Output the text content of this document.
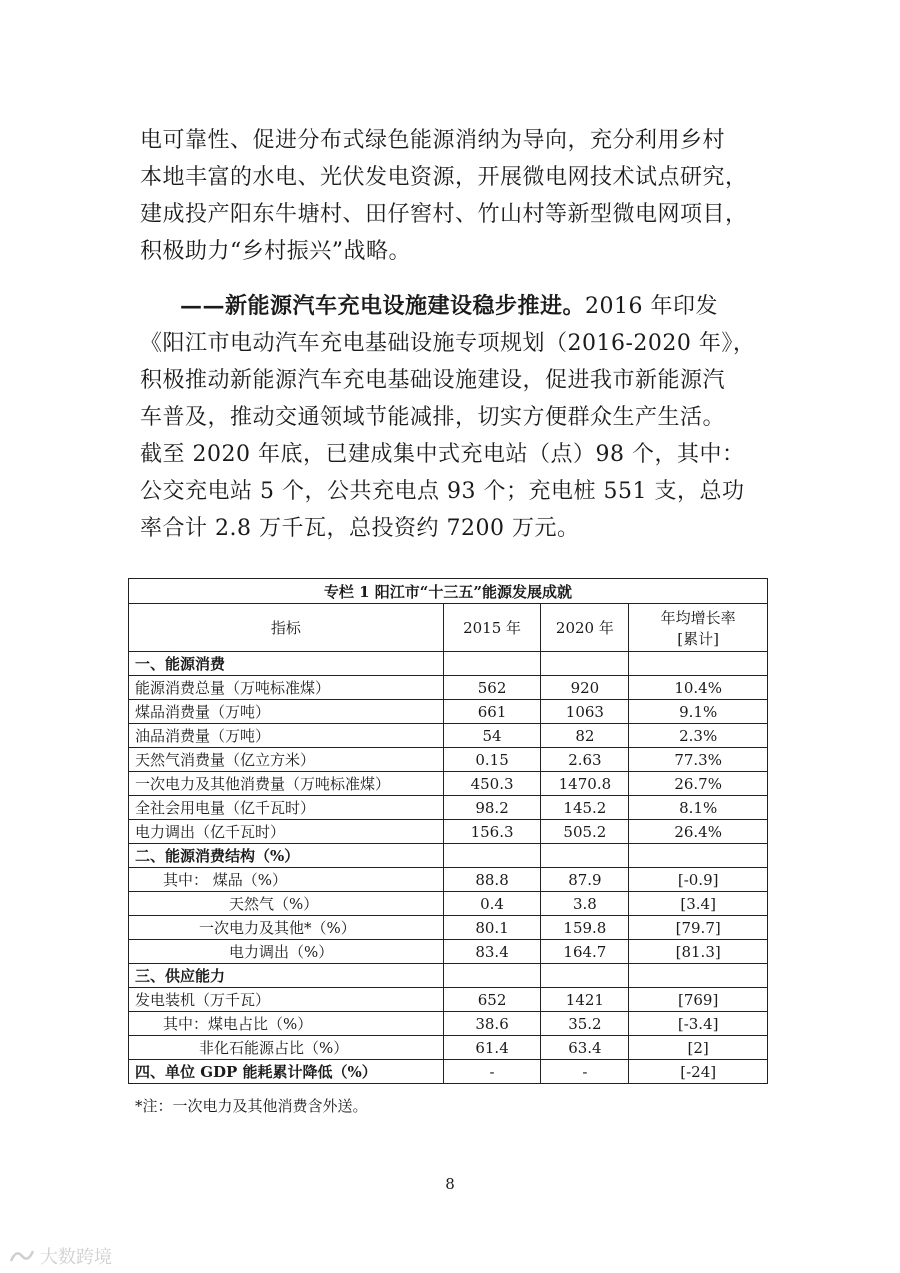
电可靠性、促进分布式绿色能源消纳为导向，充分利用乡村

本地丰富的水电、光伏发电资源，开展微电网技术试点研究，

建成投产阳东牛塘村、田仔窖村、竹山村等新型微电网项目，

积极助力“乡村振兴”战略。

——新能源汽车充电设施建设稳步推进。2016 年印发

《阳江市电动汽车充电基础设施专项规划（2016-2020 年》，

积极推动新能源汽车充电基础设施建设，促进我市新能源汽

车普及，推动交通领域节能减排，切实方便群众生产生活。

截至 2020 年底，已建成集中式充电站（点）98 个，其中：

公交充电站 5 个，公共充电点 93 个；充电桩 551 支，总功

率合计 2.8 万千瓦，总投资约 7200 万元。

专栏 1 阳江市“十三五”能源发展成就			
指标	2015 年	2020 年	年均增长率
[累计]

一、能源消费			
能源消费总量（万吨标准煤）	562	920	10.4%
煤品消费量（万吨）	661	1063	9.1%
油品消费量（万吨）	54	82	2.3%
天然气消费量（亿立方米）	0.15	2.63	77.3%
一次电力及其他消费量（万吨标准煤）	450.3	1470.8	26.7%
全社会用电量（亿千瓦时）	98.2	145.2	8.1%
电力调出（亿千瓦时）	156.3	505.2	26.4%
二、能源消费结构（%）			
其中： 煤品（%）	88.8	87.9	[-0.9]
天然气（%）	0.4	3.8	[3.4]
一次电力及其他*（%）	80.1	159.8	[79.7]
电力调出（%）	83.4	164.7	[81.3]
三、供应能力			
发电装机（万千瓦）	652	1421	[769]
其中：煤电占比（%）	38.6	35.2	[-3.4]
非化石能源占比（%）	61.4	63.4	[2]
四、单位 GDP 能耗累计降低（%）	-	-	[-24]
*注：一次电力及其他消费含外送。
8
大数跨境
